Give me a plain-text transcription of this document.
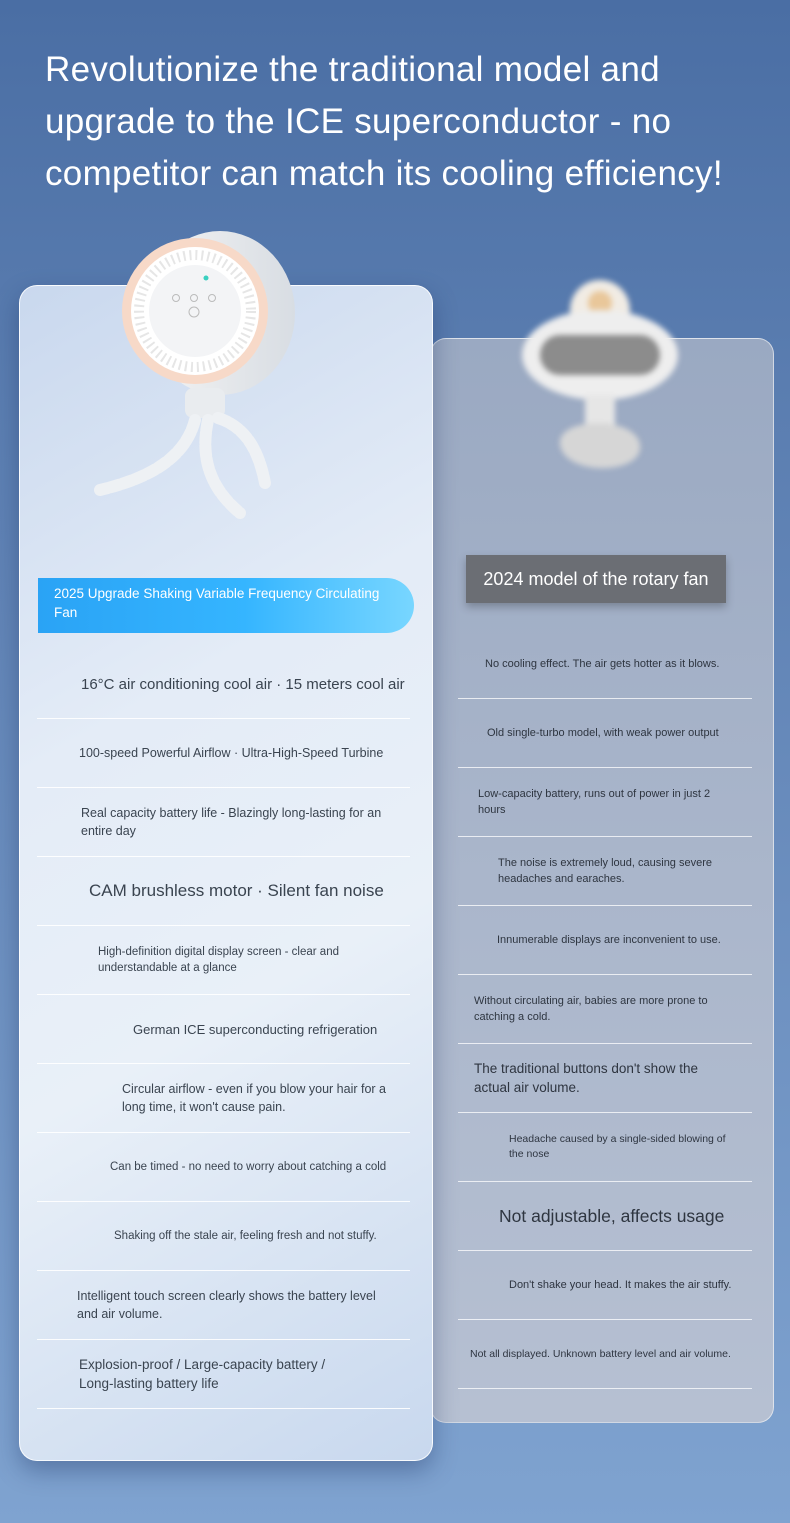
Revolutionize the traditional model and upgrade to the ICE superconductor - no competitor can match its cooling efficiency!
2025 Upgrade Shaking Variable Frequency Circulating Fan
2024 model of the rotary fan
16°C air conditioning cool air · 15 meters cool air
100-speed Powerful Airflow · Ultra-High-Speed Turbine
Real capacity battery life - Blazingly long-lasting for an entire day
CAM brushless motor · Silent fan noise
High-definition digital display screen - clear and understandable at a glance
German ICE superconducting refrigeration
Circular airflow - even if you blow your hair for a long time, it won't cause pain.
Can be timed - no need to worry about catching a cold
Shaking off the stale air, feeling fresh and not stuffy.
Intelligent touch screen clearly shows the battery level and air volume.
Explosion-proof / Large-capacity battery / Long-lasting battery life
No cooling effect. The air gets hotter as it blows.
Old single-turbo model, with weak power output
Low-capacity battery, runs out of power in just 2 hours
The noise is extremely loud, causing severe headaches and earaches.
Innumerable displays are inconvenient to use.
Without circulating air, babies are more prone to catching a cold.
The traditional buttons don't show the actual air volume.
Headache caused by a single-sided blowing of the nose
Not adjustable, affects usage
Don't shake your head. It makes the air stuffy.
Not all displayed. Unknown battery level and air volume.
